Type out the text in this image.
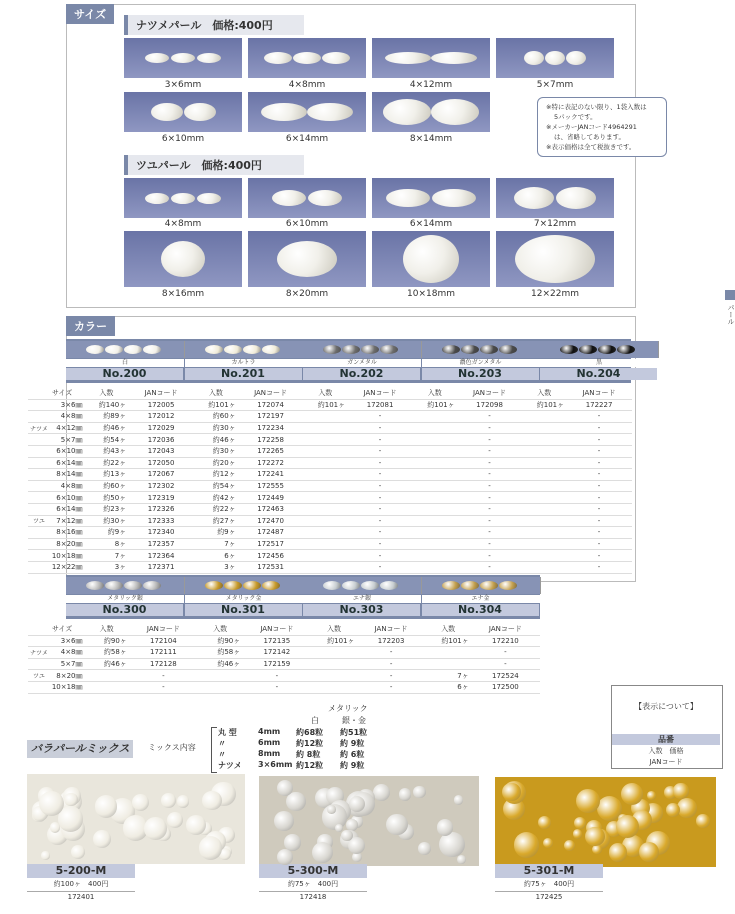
サイズ
ナツメパール　価格:400円
3×6mm	4×8mm	4×12mm	5×7mm
6×10mm	6×14mm	8×14mm
※特に表記のない限り、1袋入数は
5パックです。
※メーカーJANコード4964291
は、省略してあります。
※表示価格は全て税抜きです。
ツユパール　価格:400円
4×8mm	6×10mm	6×14mm	7×12mm
8×16mm	8×20mm	10×18mm	12×22mm
パール
カラー
白
No.200
カルトラ
No.201
ガンメタル
No.202
濃色ガンメタル
No.203
黒
No.204
	サイズ	入数	JANコード	入数	JANコード	入数	JANコード	入数	JANコード	入数	JANコード
	3×6㎜	約140ヶ	172005	約101ヶ	172074	約101ヶ	172081	約101ヶ	172098	約101ヶ	172227
	4×8㎜	約89ヶ	172012	約60ヶ	172197		-		-		-
ナツメ	4×12㎜	約46ヶ	172029	約30ヶ	172234		-		-		-
	5×7㎜	約54ヶ	172036	約46ヶ	172258		-		-		-
	6×10㎜	約43ヶ	172043	約30ヶ	172265		-		-		-
	6×14㎜	約22ヶ	172050	約20ヶ	172272		-		-		-
	8×14㎜	約13ヶ	172067	約12ヶ	172241		-		-		-
	4×8㎜	約60ヶ	172302	約54ヶ	172555		-		-		-
	6×10㎜	約50ヶ	172319	約42ヶ	172449		-		-		-
	6×14㎜	約23ヶ	172326	約22ヶ	172463		-		-		-
ツユ	7×12㎜	約30ヶ	172333	約27ヶ	172470		-		-		-
	8×16㎜	約9ヶ	172340	約9ヶ	172487		-		-		-
	8×20㎜	8ヶ	172357	7ヶ	172517		-		-		-
	10×18㎜	7ヶ	172364	6ヶ	172456		-		-		-
	12×22㎜	3ヶ	172371	3ヶ	172531		-		-		-
メタリック銀
No.300
メタリック金
No.301
エナ銀
No.303
エナ金
No.304
	サイズ	入数	JANコード	入数	JANコード	入数	JANコード	入数	JANコード
	3×6㎜	約90ヶ	172104	約90ヶ	172135	約101ヶ	172203	約101ヶ	172210
ナツメ	4×8㎜	約58ヶ	172111	約58ヶ	172142		-		-
	5×7㎜	約46ヶ	172128	約46ヶ	172159		-		-
ツユ	8×20㎜		-		-		-	7ヶ	172524
	10×18㎜		-		-		-	6ヶ	172500
バラパールミックス	ミックス内容
メタリック
白	銀・金
丸 型	4mm 約68粒 約51粒
〃	6mm 約12粒 約 9粒
〃	8mm 約 8粒 約 6粒
ナツメ 3×6mm 約12粒 約 9粒
5-200-M
約100ヶ　 400円
172401
5-300-M
約75ヶ　 400円
172418
5-301-M
約75ヶ　 400円
172425
【表示について】
品番
入数　価格
JANコード
